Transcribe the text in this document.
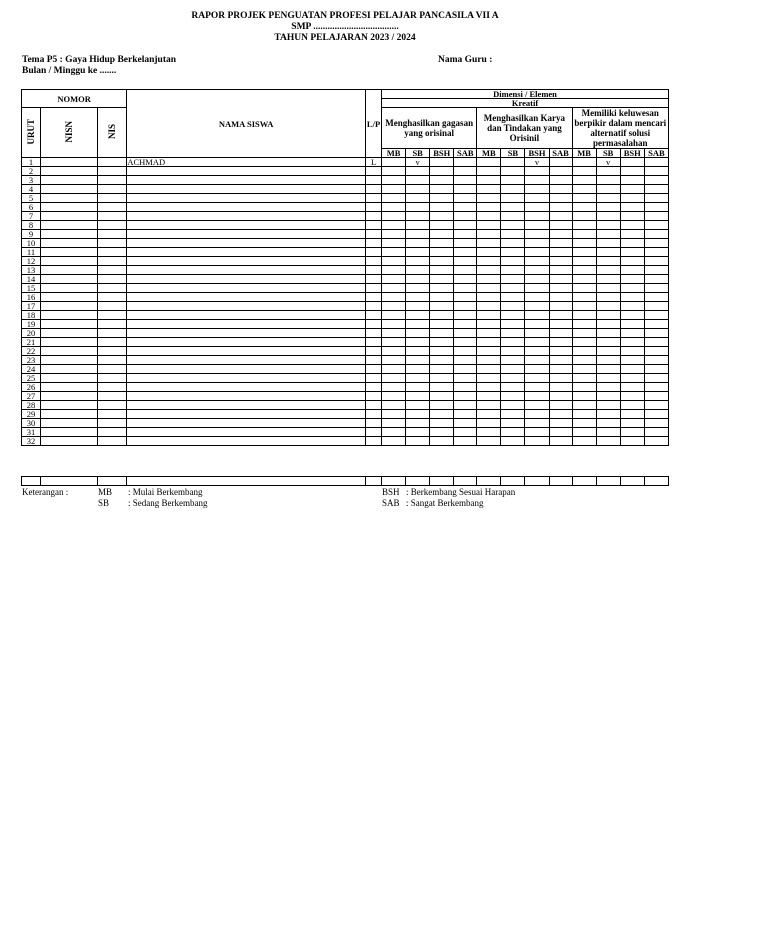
RAPOR PROJEK PENGUATAN PROFESI PELAJAR PANCASILA VII A
SMP ....................................
TAHUN PELAJARAN 2023 / 2024
Tema P5 : Gaya Hidup Berkelanjutan
Bulan / Minggu ke .......
Nama Guru :
NOMOR			NAMA SISWA	L/P	Dimensi / Elemen											
					Kreatif											
URUT	NISN	NIS			Menghasilkan gagasan yang orisinal				Menghasilkan Karya dan Tindakan yang Orisinil				Memiliki keluwesan berpikir dalam mencari alternatif solusi permasalahan			
					MB	SB	BSH	SAB	MB	SB	BSH	SAB	MB	SB	BSH	SAB
1			ACHMAD	L		v					v			v		
2																
3																
4																
5																
6																
7																
8																
9																
10																
11																
12																
13																
14																
15																
16																
17																
18																
19																
20																
21																
22																
23																
24																
25																
26																
27																
28																
29																
30																
31																
32																

Keterangan :	MB : Mulai Berkembang
SB : Sedang Berkembang
BSH : Berkembang Sesuai Harapan
SAB : Sangat Berkembang
